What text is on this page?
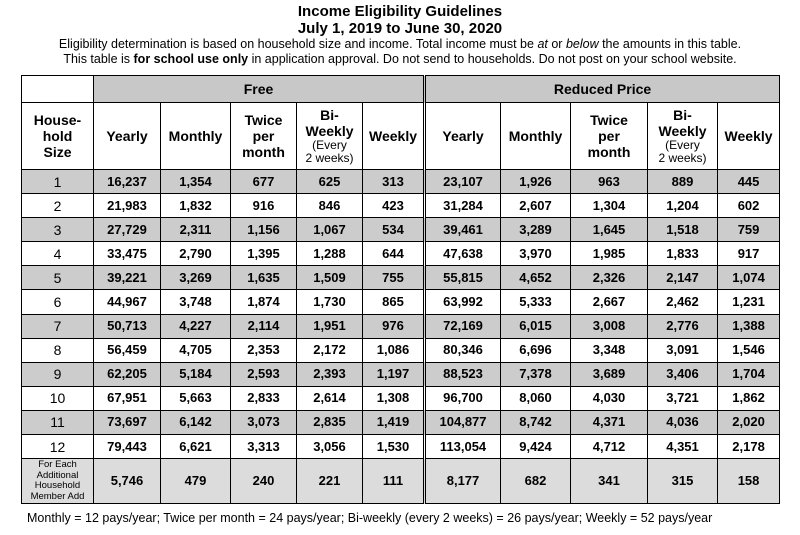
Income Eligibility Guidelines
July 1, 2019 to June 30, 2020
Eligibility determination is based on household size and income. Total income must be at or below the amounts in this table.
This table is for school use only in application approval. Do not send to households. Do not post on your school website.
	Free					Reduced Price				
House-
hold
Size	Yearly	Monthly	Twice
per
month	Bi-
Weekly
(Every
2 weeks)	Weekly	Yearly	Monthly	Twice
per
month	Bi-
Weekly
(Every
2 weeks)	Weekly
1	16,237	1,354	677	625	313	23,107	1,926	963	889	445
2	21,983	1,832	916	846	423	31,284	2,607	1,304	1,204	602
3	27,729	2,311	1,156	1,067	534	39,461	3,289	1,645	1,518	759
4	33,475	2,790	1,395	1,288	644	47,638	3,970	1,985	1,833	917
5	39,221	3,269	1,635	1,509	755	55,815	4,652	2,326	2,147	1,074
6	44,967	3,748	1,874	1,730	865	63,992	5,333	2,667	2,462	1,231
7	50,713	4,227	2,114	1,951	976	72,169	6,015	3,008	2,776	1,388
8	56,459	4,705	2,353	2,172	1,086	80,346	6,696	3,348	3,091	1,546
9	62,205	5,184	2,593	2,393	1,197	88,523	7,378	3,689	3,406	1,704
10	67,951	5,663	2,833	2,614	1,308	96,700	8,060	4,030	3,721	1,862
11	73,697	6,142	3,073	2,835	1,419	104,877	8,742	4,371	4,036	2,020
12	79,443	6,621	3,313	3,056	1,530	113,054	9,424	4,712	4,351	2,178
For Each
Additional
Household
Member Add	5,746	479	240	221	111	8,177	682	341	315	158
Monthly = 12 pays/year; Twice per month = 24 pays/year; Bi-weekly (every 2 weeks) = 26 pays/year; Weekly = 52 pays/year
